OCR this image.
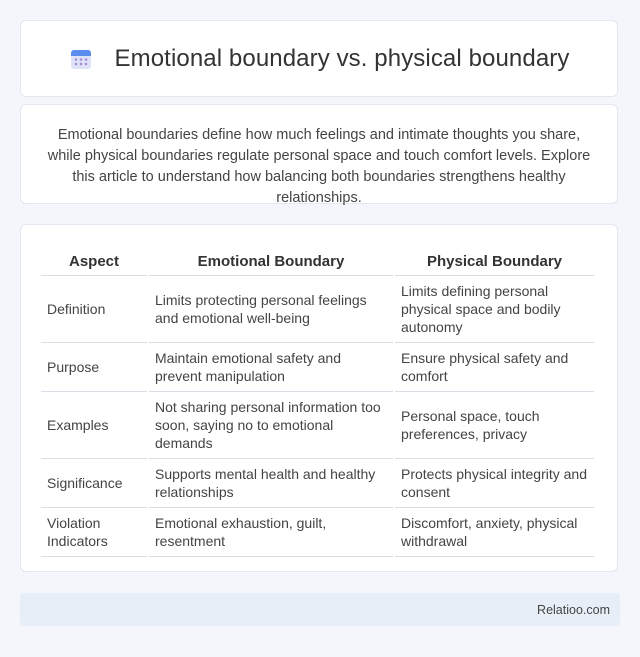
Emotional boundary vs. physical boundary

Emotional boundaries define how much feelings and intimate thoughts you share, while physical boundaries regulate personal space and touch comfort levels. Explore this article to understand how balancing both boundaries strengthens healthy relationships.

Aspect	Emotional Boundary	Physical Boundary
Definition	Limits protecting personal feelings and emotional well-being	Limits defining personal physical space and bodily autonomy
Purpose	Maintain emotional safety and prevent manipulation	Ensure physical safety and comfort
Examples	Not sharing personal information too soon, saying no to emotional demands	Personal space, touch preferences, privacy
Significance	Supports mental health and healthy relationships	Protects physical integrity and consent
Violation Indicators	Emotional exhaustion, guilt, resentment	Discomfort, anxiety, physical withdrawal
Relatioo.com
